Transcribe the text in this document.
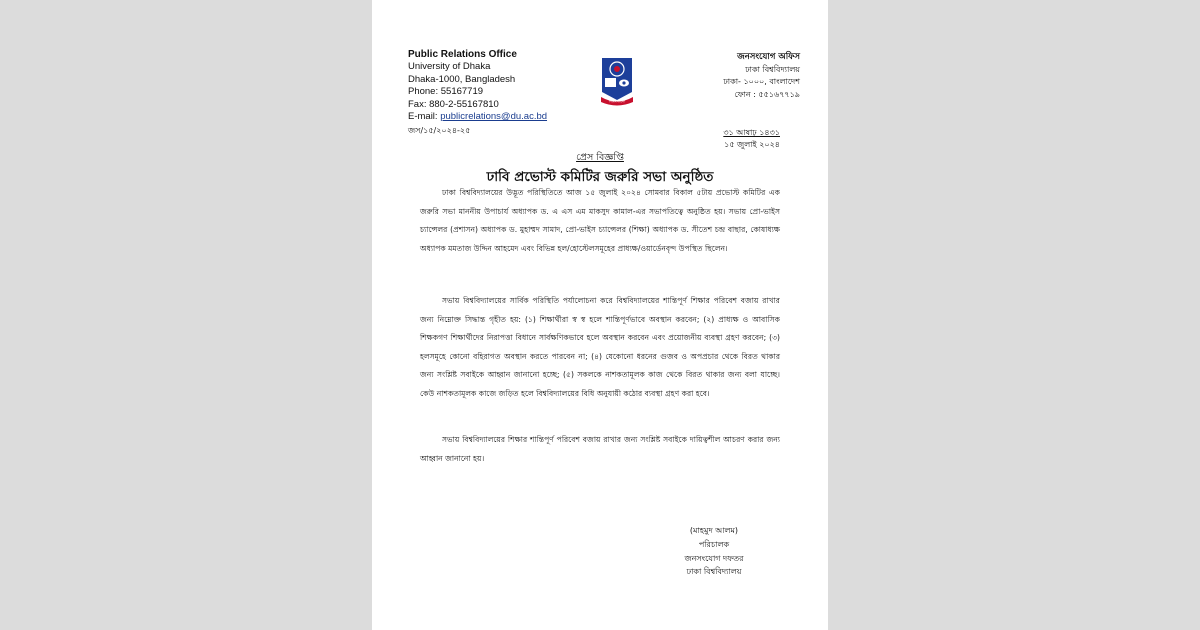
Public Relations Office
University of Dhaka
Dhaka-1000, Bangladesh
Phone: 55167719
Fax: 880-2-55167810
E-mail: publicrelations@du.ac.bd
শিক্ষাই আলো
জনসংযোগ অফিস
ঢাকা বিশ্ববিদ্যালয়
ঢাকা- ১০০০, বাংলাদেশ
ফোন : ৫৫১৬৭৭১৯
জস/১৫/২০২৪-২৫	৩১ আষাঢ় ১৪৩১
১৫ জুলাই ২০২৪
প্রেস বিজ্ঞপ্তি
ঢাবি প্রভোস্ট কমিটির জরুরি সভা অনুষ্ঠিত
ঢাকা বিশ্ববিদ্যালয়ের উদ্ভূত পরিস্থিতিতে আজ ১৫ জুলাই ২০২৪ সোমবার বিকাল ৫টায় প্রভোস্ট কমিটির এক জরুরি সভা মাননীয় উপাচার্য অধ্যাপক ড. এ এস এম মাকসুদ কামাল-এর সভাপতিত্বে অনুষ্ঠিত হয়। সভায় প্রো-ভাইস চ্যান্সেলর (প্রশাসন) অধ্যাপক ড. মুহাম্মদ সামাদ, প্রো-ভাইস চ্যান্সেলর (শিক্ষা) অধ্যাপক ড. সীতেশ চন্দ্র বাছার, কোষাধ্যক্ষ অধ্যাপক মমতাজ উদ্দিন আহমেদ এবং বিভিন্ন হল/হোস্টেলসমূহের প্রাধ্যক্ষ/ওয়ার্ডেনবৃন্দ উপস্থিত ছিলেন।
সভায় বিশ্ববিদ্যালয়ের সার্বিক পরিস্থিতি পর্যালোচনা করে বিশ্ববিদ্যালয়ের শান্তিপূর্ণ শিক্ষার পরিবেশ বজায় রাখার জন্য নিম্নোক্ত সিদ্ধান্ত গৃহীত হয়: (১) শিক্ষার্থীরা স্ব স্ব হলে শান্তিপূর্ণভাবে অবস্থান করবেন; (২) প্রাধ্যক্ষ ও আবাসিক শিক্ষকগণ শিক্ষার্থীদের নিরাপত্তা বিধানে সার্বক্ষণিকভাবে হলে অবস্থান করবেন এবং প্রয়োজনীয় ব্যবস্থা গ্রহণ করবেন; (৩) হলসমূহে কোনো বহিরাগত অবস্থান করতে পারবেন না; (৪) যেকোনো ধরনের গুজব ও অপপ্রচার থেকে বিরত থাকার জন্য সংশ্লিষ্ট সবাইকে আহ্বান জানানো হচ্ছে; (৫) সকলকে নাশকতামূলক কাজ থেকে বিরত থাকার জন্য বলা যাচ্ছে। কেউ নাশকতামূলক কাজে জড়িত হলে বিশ্ববিদ্যালয়ের বিধি অনুযায়ী কঠোর ব্যবস্থা গ্রহণ করা হবে।
সভায় বিশ্ববিদ্যালয়ের শিক্ষার শান্তিপূর্ণ পরিবেশ বজায় রাখার জন্য সংশ্লিষ্ট সবাইকে দায়িত্বশীল আচরণ করার জন্য আহ্বান জানানো হয়।
(মাহমুদ আলম)
পরিচালক
জনসংযোগ দফতর
ঢাকা বিশ্ববিদ্যালয়
